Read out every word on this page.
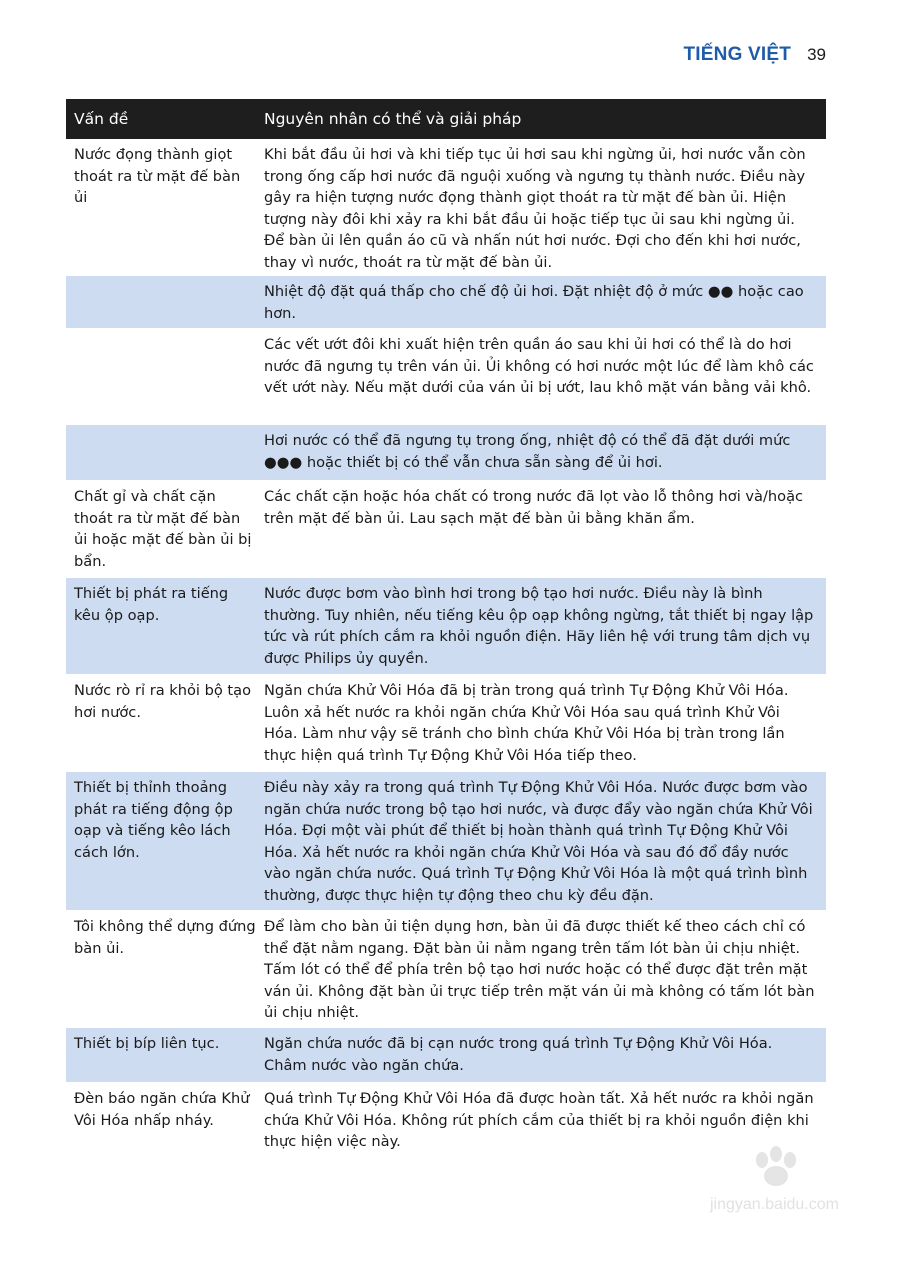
TIẾNG VIỆT 39
Vấn đề	Nguyên nhân có thể và giải pháp
Nước đọng thành giọt thoát ra từ mặt đế bàn ủi
Khi bắt đầu ủi hơi và khi tiếp tục ủi hơi sau khi ngừng ủi, hơi nước vẫn còn trong ống cấp hơi nước đã nguội xuống và ngưng tụ thành nước. Điều này gây ra hiện tượng nước đọng thành giọt thoát ra từ mặt đế bàn ủi. Hiện tượng này đôi khi xảy ra khi bắt đầu ủi hoặc tiếp tục ủi sau khi ngừng ủi. Để bàn ủi lên quần áo cũ và nhấn nút hơi nước. Đợi cho đến khi hơi nước, thay vì nước, thoát ra từ mặt đế bàn ủi.
Nhiệt độ đặt quá thấp cho chế độ ủi hơi. Đặt nhiệt độ ở mức ●● hoặc cao hơn.
Các vết ướt đôi khi xuất hiện trên quần áo sau khi ủi hơi có thể là do hơi nước đã ngưng tụ trên ván ủi. Ủi không có hơi nước một lúc để làm khô các vết ướt này. Nếu mặt dưới của ván ủi bị ướt, lau khô mặt ván bằng vải khô.
Hơi nước có thể đã ngưng tụ trong ống, nhiệt độ có thể đã đặt dưới mức ●●● hoặc thiết bị có thể vẫn chưa sẵn sàng để ủi hơi.
Chất gỉ và chất cặn thoát ra từ mặt đế bàn ủi hoặc mặt đế bàn ủi bị bẩn.
Các chất cặn hoặc hóa chất có trong nước đã lọt vào lỗ thông hơi và/hoặc trên mặt đế bàn ủi. Lau sạch mặt đế bàn ủi bằng khăn ẩm.
Thiết bị phát ra tiếng kêu ộp oạp.
Nước được bơm vào bình hơi trong bộ tạo hơi nước. Điều này là bình thường. Tuy nhiên, nếu tiếng kêu ộp oạp không ngừng, tắt thiết bị ngay lập tức và rút phích cắm ra khỏi nguồn điện. Hãy liên hệ với trung tâm dịch vụ được Philips ủy quyền.
Nước rò rỉ ra khỏi bộ tạo hơi nước.
Ngăn chứa Khử Vôi Hóa đã bị tràn trong quá trình Tự Động Khử Vôi Hóa. Luôn xả hết nước ra khỏi ngăn chứa Khử Vôi Hóa sau quá trình Khử Vôi Hóa. Làm như vậy sẽ tránh cho bình chứa Khử Vôi Hóa bị tràn trong lần thực hiện quá trình Tự Động Khử Vôi Hóa tiếp theo.
Thiết bị thỉnh thoảng phát ra tiếng động ộp oạp và tiếng kêo lách cách lớn.
Điều này xảy ra trong quá trình Tự Động Khử Vôi Hóa. Nước được bơm vào ngăn chứa nước trong bộ tạo hơi nước, và được đẩy vào ngăn chứa Khử Vôi Hóa. Đợi một vài phút để thiết bị hoàn thành quá trình Tự Động Khử Vôi Hóa. Xả hết nước ra khỏi ngăn chứa Khử Vôi Hóa và sau đó đổ đầy nước vào ngăn chứa nước. Quá trình Tự Động Khử Vôi Hóa là một quá trình bình thường, được thực hiện tự động theo chu kỳ đều đặn.
Tôi không thể dựng đứng bàn ủi.
Để làm cho bàn ủi tiện dụng hơn, bàn ủi đã được thiết kế theo cách chỉ có thể đặt nằm ngang. Đặt bàn ủi nằm ngang trên tấm lót bàn ủi chịu nhiệt. Tấm lót có thể để phía trên bộ tạo hơi nước hoặc có thể được đặt trên mặt ván ủi. Không đặt bàn ủi trực tiếp trên mặt ván ủi mà không có tấm lót bàn ủi chịu nhiệt.
Thiết bị bíp liên tục.	Ngăn chứa nước đã bị cạn nước trong quá trình Tự Động Khử Vôi Hóa. Châm nước vào ngăn chứa.
Đèn báo ngăn chứa Khử Vôi Hóa nhấp nháy.
Quá trình Tự Động Khử Vôi Hóa đã được hoàn tất. Xả hết nước ra khỏi ngăn chứa Khử Vôi Hóa. Không rút phích cắm của thiết bị ra khỏi nguồn điện khi thực hiện việc này.
jingyan.baidu.com
